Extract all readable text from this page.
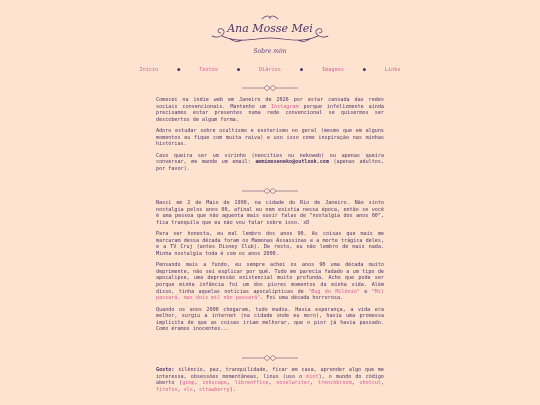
Ana Mosse Mei
Sobre mim
Início	●	Textos	●	Diários	●	Imagens	●	Links

Comecei na indie web em Janeiro de 2026 por estar cansada das redes sociais convencionais. Mantenho um Instagram porque infelizmente ainda precisamos estar presentes numa rede convencional se quisermos ser descobertos de algum forma.

Adoro estudar sobre ocultismo e esoterismo no geral (mesmo que em alguns momentos eu fique com muita raiva) e uso isso como inspiração nas minhas histórias.

Caso queira ser um virinho (neocities ou nekoweb) ou apenas queira conversar, me mande um email: ammimoseneko@outlook.com (apenas adultos, por favor).

Nasci em 2 de Maio de 1990, na cidade do Rio de Janeiro. Não sinto nostalgia pelos anos 00, afinal eu nem existia nessa época, então se você é uma pessoa que não aguenta mais ouvir falas de "nostalgia dos anos 00", fica tranquila que eu não vou falar sobre isso. xD

Para ser honesta, eu mal lembro dos anos 90. As coisas que mais me marcaram dessa década foram os Mamonas Assassinas e a morte trágica deles, e a TV Cruj (antes Disney Club). De resto, eu não lembro de mais nada. Minha nostalgia toda é com os anos 2000.

Pensando mais a fundo, eu sempre achei os anos 90 uma década muito deprimente, não sei explicar por quê. Tudo me parecia fadado a um tipo de apocalipse, uma depressão existencial muito profunda. Acho que pode ser porque minha infância foi um dos piores momentos da minha vida. Além disso, tinha aquelas notícias apocalípticas de "Bug do Milênio" e "Mil passará, mas dois mil não passará". Foi uma década horrorosa.

Quando os anos 2000 chegaram, tudo mudou. Havia esperança, a vida era melhor, surgiu a internet (na cidade onde eu moro), havia uma promessa implícita de que as coisas iriam melhorar, que o pior já havia passado. Como éramos inocentes...

Gosto: silêncio, paz, tranquilidade, ficar em casa, aprender algo que me interessa, obsessões momentâneas, linux (uso o mint), o mundo do código aberto (gimp, inkscape, libreoffice, novelwriter, trenchbroom, shotcut, firefox, vlc, strawberry).
